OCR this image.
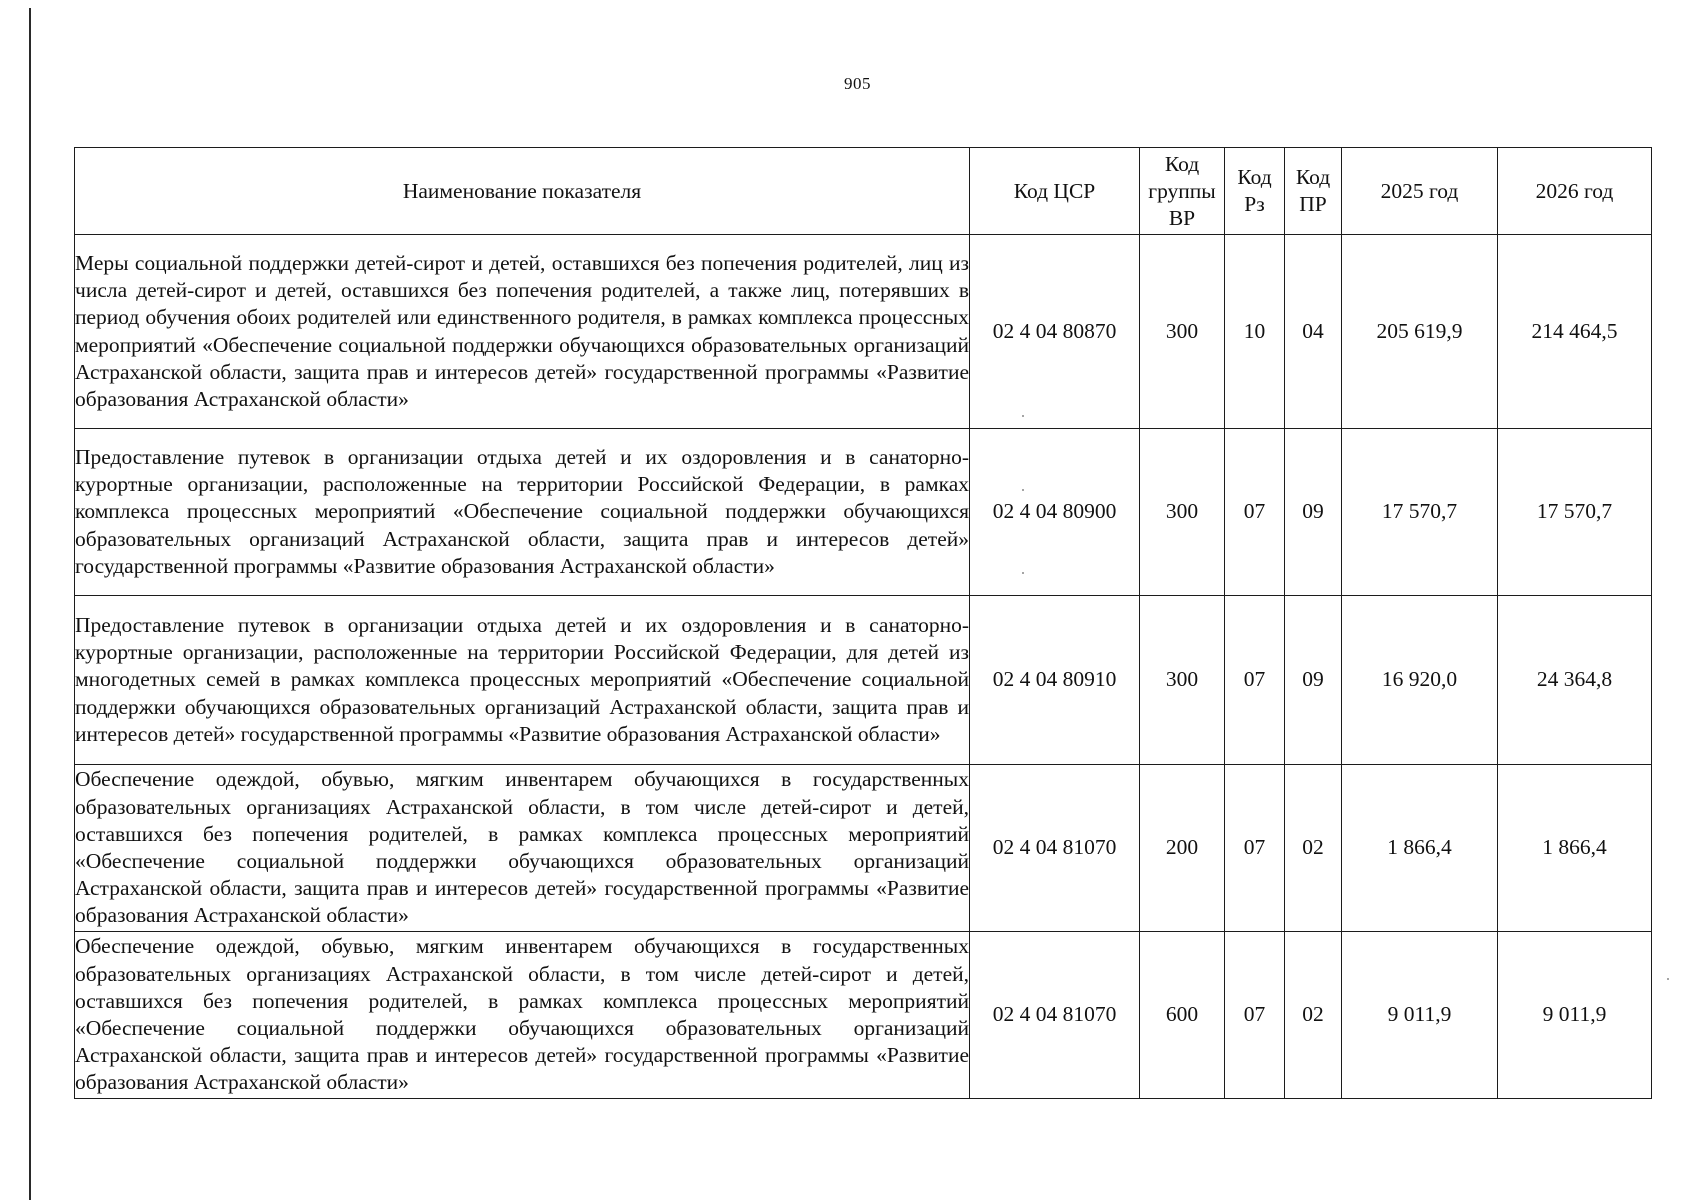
905
Наименование показателя	Код ЦСР	Код группы ВР	Код Рз	Код ПР	2025 год	2026 год
Меры социальной поддержки детей-сирот и детей, оставшихся без попечения родителей, лиц из числа детей-сирот и детей, оставшихся без попечения родителей, а также лиц, потерявших в период обучения обоих родителей или единственного родителя, в рамках комплекса процессных мероприятий «Обеспечение социальной поддержки обучающихся образовательных организаций Астраханской области, защита прав и интересов детей» государственной программы «Развитие образования Астраханской области»	02 4 04 80870	300	10	04	205 619,9	214 464,5
Предоставление путевок в организации отдыха детей и их оздоровления и в санаторно-курортные организации, расположенные на территории Российской Федерации, в рамках комплекса процессных мероприятий «Обеспечение социальной поддержки обучающихся образовательных организаций Астраханской области, защита прав и интересов детей» государственной программы «Развитие образования Астраханской области»	02 4 04 80900	300	07	09	17 570,7	17 570,7
Предоставление путевок в организации отдыха детей и их оздоровления и в санаторно-курортные организации, расположенные на территории Российской Федерации, для детей из многодетных семей в рамках комплекса процессных мероприятий «Обеспечение социальной поддержки обучающихся образовательных организаций Астраханской области, защита прав и интересов детей» государственной программы «Развитие образования Астраханской области»	02 4 04 80910	300	07	09	16 920,0	24 364,8
Обеспечение одеждой, обувью, мягким инвентарем обучающихся в государственных образовательных организациях Астраханской области, в том числе детей-сирот и детей, оставшихся без попечения родителей, в рамках комплекса процессных мероприятий «Обеспечение социальной поддержки обучающихся образовательных организаций Астраханской области, защита прав и интересов детей» государственной программы «Развитие образования Астраханской области»	02 4 04 81070	200	07	02	1 866,4	1 866,4
Обеспечение одеждой, обувью, мягким инвентарем обучающихся в государственных образовательных организациях Астраханской области, в том числе детей-сирот и детей, оставшихся без попечения родителей, в рамках комплекса процессных мероприятий «Обеспечение социальной поддержки обучающихся образовательных организаций Астраханской области, защита прав и интересов детей» государственной программы «Развитие образования Астраханской области»	02 4 04 81070	600	07	02	9 011,9	9 011,9
